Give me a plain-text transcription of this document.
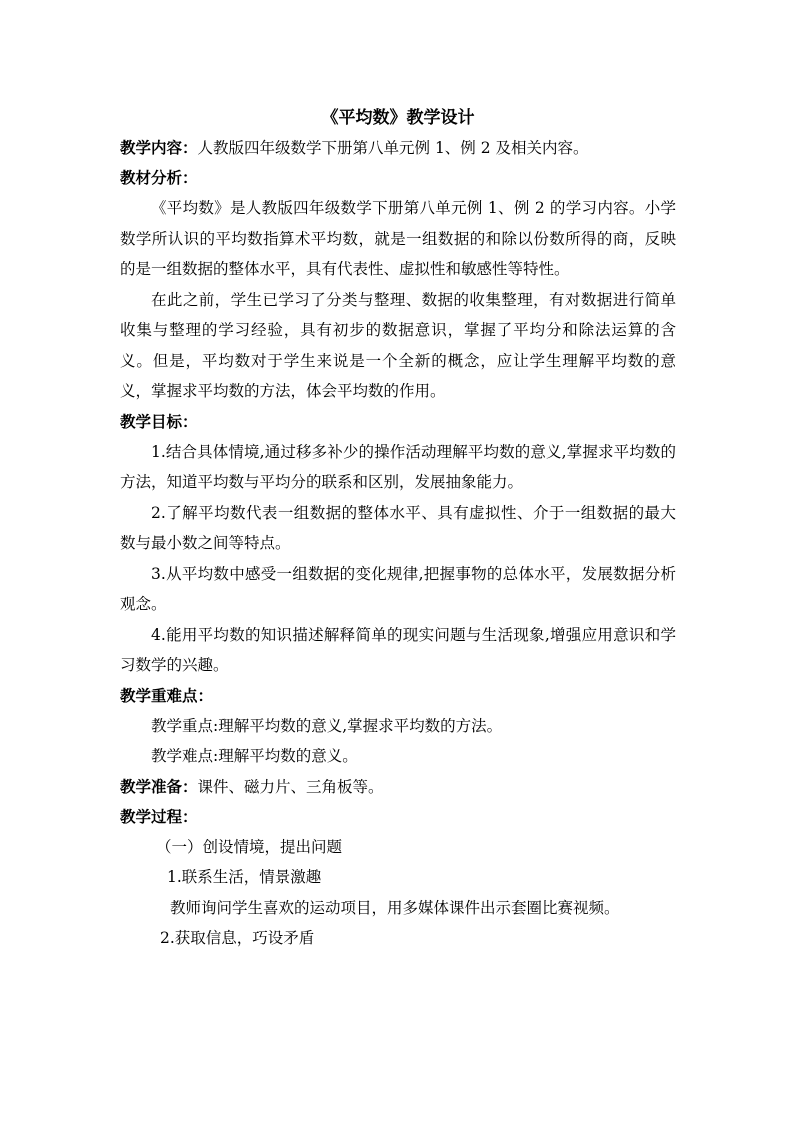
《平均数》教学设计

教学内容：人教版四年级数学下册第八单元例 1、例 2 及相关内容。

教材分析：

《平均数》是人教版四年级数学下册第八单元例 1、例 2 的学习内容。小学数学所认识的平均数指算术平均数，就是一组数据的和除以份数所得的商，反映的是一组数据的整体水平，具有代表性、虚拟性和敏感性等特性。

在此之前，学生已学习了分类与整理、数据的收集整理，有对数据进行简单收集与整理的学习经验，具有初步的数据意识，掌握了平均分和除法运算的含义。但是，平均数对于学生来说是一个全新的概念，应让学生理解平均数的意义，掌握求平均数的方法，体会平均数的作用。

教学目标：

1.结合具体情境,通过移多补少的操作活动理解平均数的意义,掌握求平均数的方法，知道平均数与平均分的联系和区别，发展抽象能力。

2.了解平均数代表一组数据的整体水平、具有虚拟性、介于一组数据的最大数与最小数之间等特点。

3.从平均数中感受一组数据的变化规律,把握事物的总体水平，发展数据分析观念。

4.能用平均数的知识描述解释简单的现实问题与生活现象,增强应用意识和学习数学的兴趣。

教学重难点：

教学重点:理解平均数的意义,掌握求平均数的方法。

教学难点:理解平均数的意义。

教学准备：课件、磁力片、三角板等。

教学过程：

（一）创设情境，提出问题

1.联系生活，情景激趣

教师询问学生喜欢的运动项目，用多媒体课件出示套圈比赛视频。

2.获取信息，巧设矛盾
